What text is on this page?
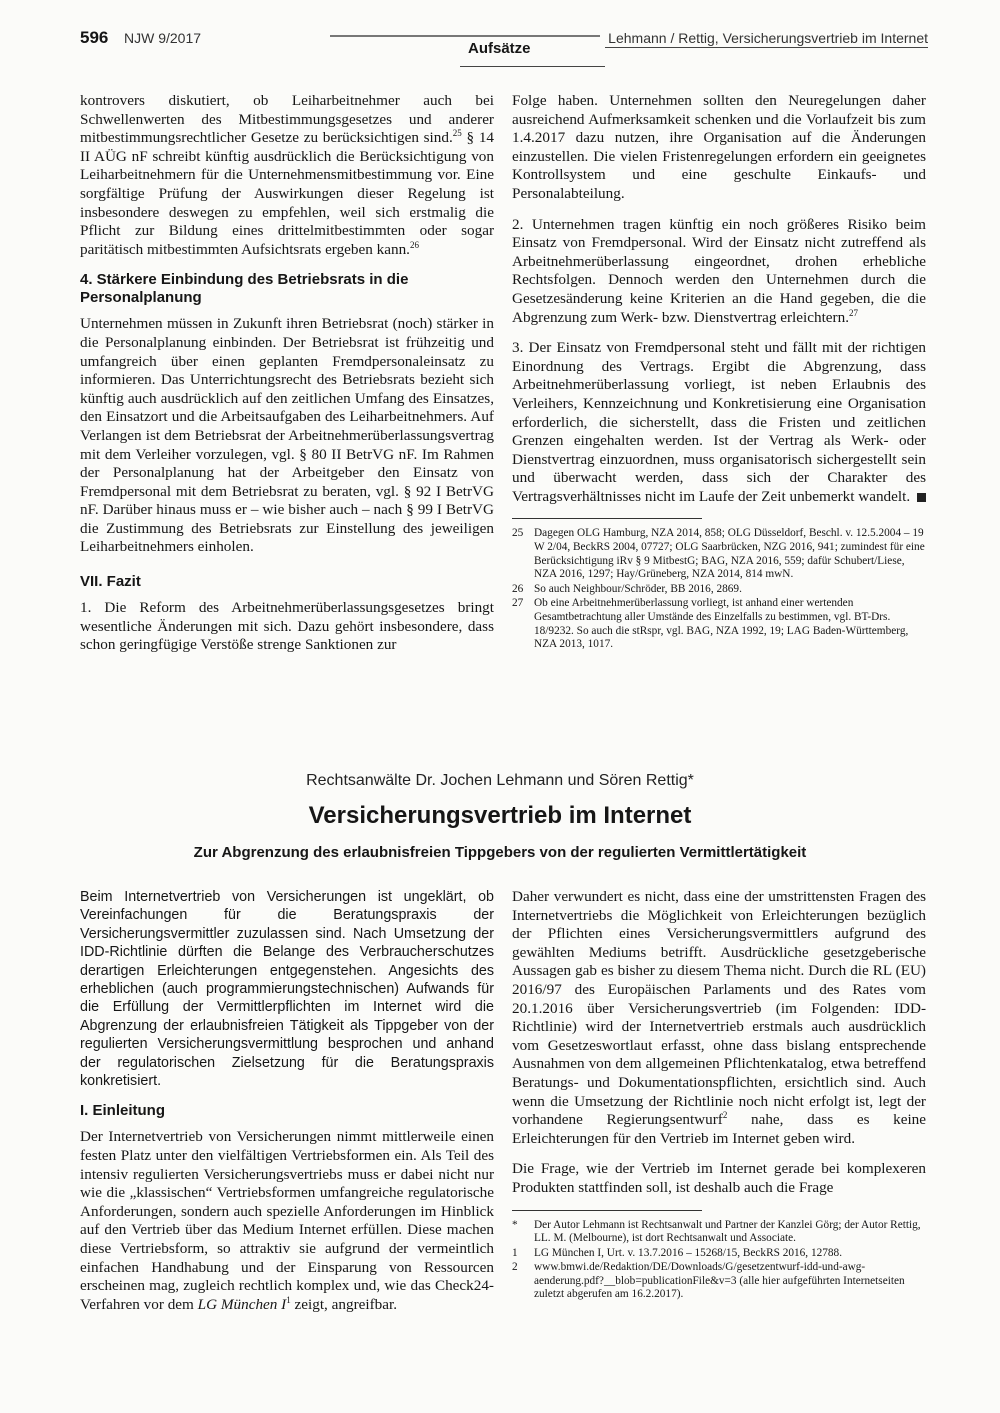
596 NJW 9/2017
Aufsätze
Lehmann / Rettig, Versicherungsvertrieb im Internet

kontrovers diskutiert, ob Leiharbeitnehmer auch bei Schwellenwerten des Mitbestimmungsgesetzes und anderer mitbestimmungsrechtlicher Gesetze zu berücksichtigen sind.$^{25}$ § 14 II AÜG nF schreibt künftig ausdrücklich die Berücksichtigung von Leiharbeitnehmern für die Unternehmensmitbestimmung vor. Eine sorgfältige Prüfung der Auswirkungen dieser Regelung ist insbesondere deswegen zu empfehlen, weil sich erstmalig die Pflicht zur Bildung eines drittelmitbestimmten oder sogar paritätisch mitbestimmten Aufsichtsrats ergeben kann.$^{26}$

4. Stärkere Einbindung des Betriebsrats in die Personalplanung

Unternehmen müssen in Zukunft ihren Betriebsrat (noch) stärker in die Personalplanung einbinden. Der Betriebsrat ist frühzeitig und umfangreich über einen geplanten Fremdpersonaleinsatz zu informieren. Das Unterrichtungsrecht des Betriebsrats bezieht sich künftig auch ausdrücklich auf den zeitlichen Umfang des Einsatzes, den Einsatzort und die Arbeitsaufgaben des Leiharbeitnehmers. Auf Verlangen ist dem Betriebsrat der Arbeitnehmerüberlassungsvertrag mit dem Verleiher vorzulegen, vgl. § 80 II BetrVG nF. Im Rahmen der Personalplanung hat der Arbeitgeber den Einsatz von Fremdpersonal mit dem Betriebsrat zu beraten, vgl. § 92 I BetrVG nF. Darüber hinaus muss er – wie bisher auch – nach § 99 I BetrVG die Zustimmung des Betriebsrats zur Einstellung des jeweiligen Leiharbeitnehmers einholen.

VII. Fazit

1. Die Reform des Arbeitnehmerüberlassungsgesetzes bringt wesentliche Änderungen mit sich. Dazu gehört insbesondere, dass schon geringfügige Verstöße strenge Sanktionen zur

Folge haben. Unternehmen sollten den Neuregelungen daher ausreichend Aufmerksamkeit schenken und die Vorlaufzeit bis zum 1.4.2017 dazu nutzen, ihre Organisation auf die Änderungen einzustellen. Die vielen Fristenregelungen erfordern ein geeignetes Kontrollsystem und eine geschulte Einkaufs- und Personalabteilung.

2. Unternehmen tragen künftig ein noch größeres Risiko beim Einsatz von Fremdpersonal. Wird der Einsatz nicht zutreffend als Arbeitnehmerüberlassung eingeordnet, drohen erhebliche Rechtsfolgen. Dennoch werden den Unternehmen durch die Gesetzesänderung keine Kriterien an die Hand gegeben, die die Abgrenzung zum Werk- bzw. Dienstvertrag erleichtern.$^{27}$

3. Der Einsatz von Fremdpersonal steht und fällt mit der richtigen Einordnung des Vertrags. Ergibt die Abgrenzung, dass Arbeitnehmerüberlassung vorliegt, ist neben Erlaubnis des Verleihers, Kennzeichnung und Konkretisierung eine Organisation erforderlich, die sicherstellt, dass die Fristen und zeitlichen Grenzen eingehalten werden. Ist der Vertrag als Werk- oder Dienstvertrag einzuordnen, muss organisatorisch sichergestellt sein und überwacht werden, dass sich der Charakter des Vertragsverhältnisses nicht im Laufe der Zeit unbemerkt wandelt.

25 Dagegen OLG Hamburg, NZA 2014, 858; OLG Düsseldorf, Beschl. v. 12.5.2004 – 19 W 2/04, BeckRS 2004, 07727; OLG Saarbrücken, NZG 2016, 941; zumindest für eine Berücksichtigung iRv § 9 MitbestG; BAG, NZA 2016, 559; dafür Schubert/Liese, NZA 2016, 1297; Hay/Grüneberg, NZA 2014, 814 mwN.
26 So auch Neighbour/Schröder, BB 2016, 2869.
27 Ob eine Arbeitnehmerüberlassung vorliegt, ist anhand einer wertenden Gesamtbetrachtung aller Umstände des Einzelfalls zu bestimmen, vgl. BT-Drs. 18/9232. So auch die stRspr, vgl. BAG, NZA 1992, 19; LAG Baden-Württemberg, NZA 2013, 1017.
Rechtsanwälte Dr. Jochen Lehmann und Sören Rettig*
Versicherungsvertrieb im Internet
Zur Abgrenzung des erlaubnisfreien Tippgebers von der regulierten Vermittlertätigkeit

Beim Internetvertrieb von Versicherungen ist ungeklärt, ob Vereinfachungen für die Beratungspraxis der Versicherungsvermittler zuzulassen sind. Nach Umsetzung der IDD-Richtlinie dürften die Belange des Verbraucherschutzes derartigen Erleichterungen entgegenstehen. Angesichts des erheblichen (auch programmierungstechnischen) Aufwands für die Erfüllung der Vermittlerpflichten im Internet wird die Abgrenzung der erlaubnisfreien Tätigkeit als Tippgeber von der regulierten Versicherungsvermittlung besprochen und anhand der regulatorischen Zielsetzung für die Beratungspraxis konkretisiert.

I. Einleitung

Der Internetvertrieb von Versicherungen nimmt mittlerweile einen festen Platz unter den vielfältigen Vertriebsformen ein. Als Teil des intensiv regulierten Versicherungsvertriebs muss er dabei nicht nur wie die „klassischen“ Vertriebsformen umfangreiche regulatorische Anforderungen, sondern auch spezielle Anforderungen im Hinblick auf den Vertrieb über das Medium Internet erfüllen. Diese machen diese Vertriebsform, so attraktiv sie aufgrund der vermeintlich einfachen Handhabung und der Einsparung von Ressourcen erscheinen mag, zugleich rechtlich komplex und, wie das Check24-Verfahren vor dem LG München $I^1$ zeigt, angreifbar.

Daher verwundert es nicht, dass eine der umstrittensten Fragen des Internetvertriebs die Möglichkeit von Erleichterungen bezüglich der Pflichten eines Versicherungsvermittlers aufgrund des gewählten Mediums betrifft. Ausdrückliche gesetzgeberische Aussagen gab es bisher zu diesem Thema nicht. Durch die RL (EU) 2016/97 des Europäischen Parlaments und des Rates vom 20.1.2016 über Versicherungsvertrieb (im Folgenden: IDD-Richtlinie) wird der Internetvertrieb erstmals auch ausdrücklich vom Gesetzeswortlaut erfasst, ohne dass bislang entsprechende Ausnahmen von dem allgemeinen Pflichtenkatalog, etwa betreffend Beratungs- und Dokumentationspflichten, ersichtlich sind. Auch wenn die Umsetzung der Richtlinie noch nicht erfolgt ist, legt der vorhandene Regierungsentwurf$^2$ nahe, dass es keine Erleichterungen für den Vertrieb im Internet geben wird.

Die Frage, wie der Vertrieb im Internet gerade bei komplexeren Produkten stattfinden soll, ist deshalb auch die Frage

*	Der Autor Lehmann ist Rechtsanwalt und Partner der Kanzlei Görg; der Autor Rettig, LL. M. (Melbourne), ist dort Rechtsanwalt und Associate.
1	LG München I, Urt. v. 13.7.2016 – 15268/15, BeckRS 2016, 12788.
2	www.bmwi.de/Redaktion/DE/Downloads/G/gesetzentwurf-idd-und-awg-aenderung.pdf?__blob=publicationFile&v=3 (alle hier aufgeführten Internetseiten zuletzt abgerufen am 16.2.2017).
